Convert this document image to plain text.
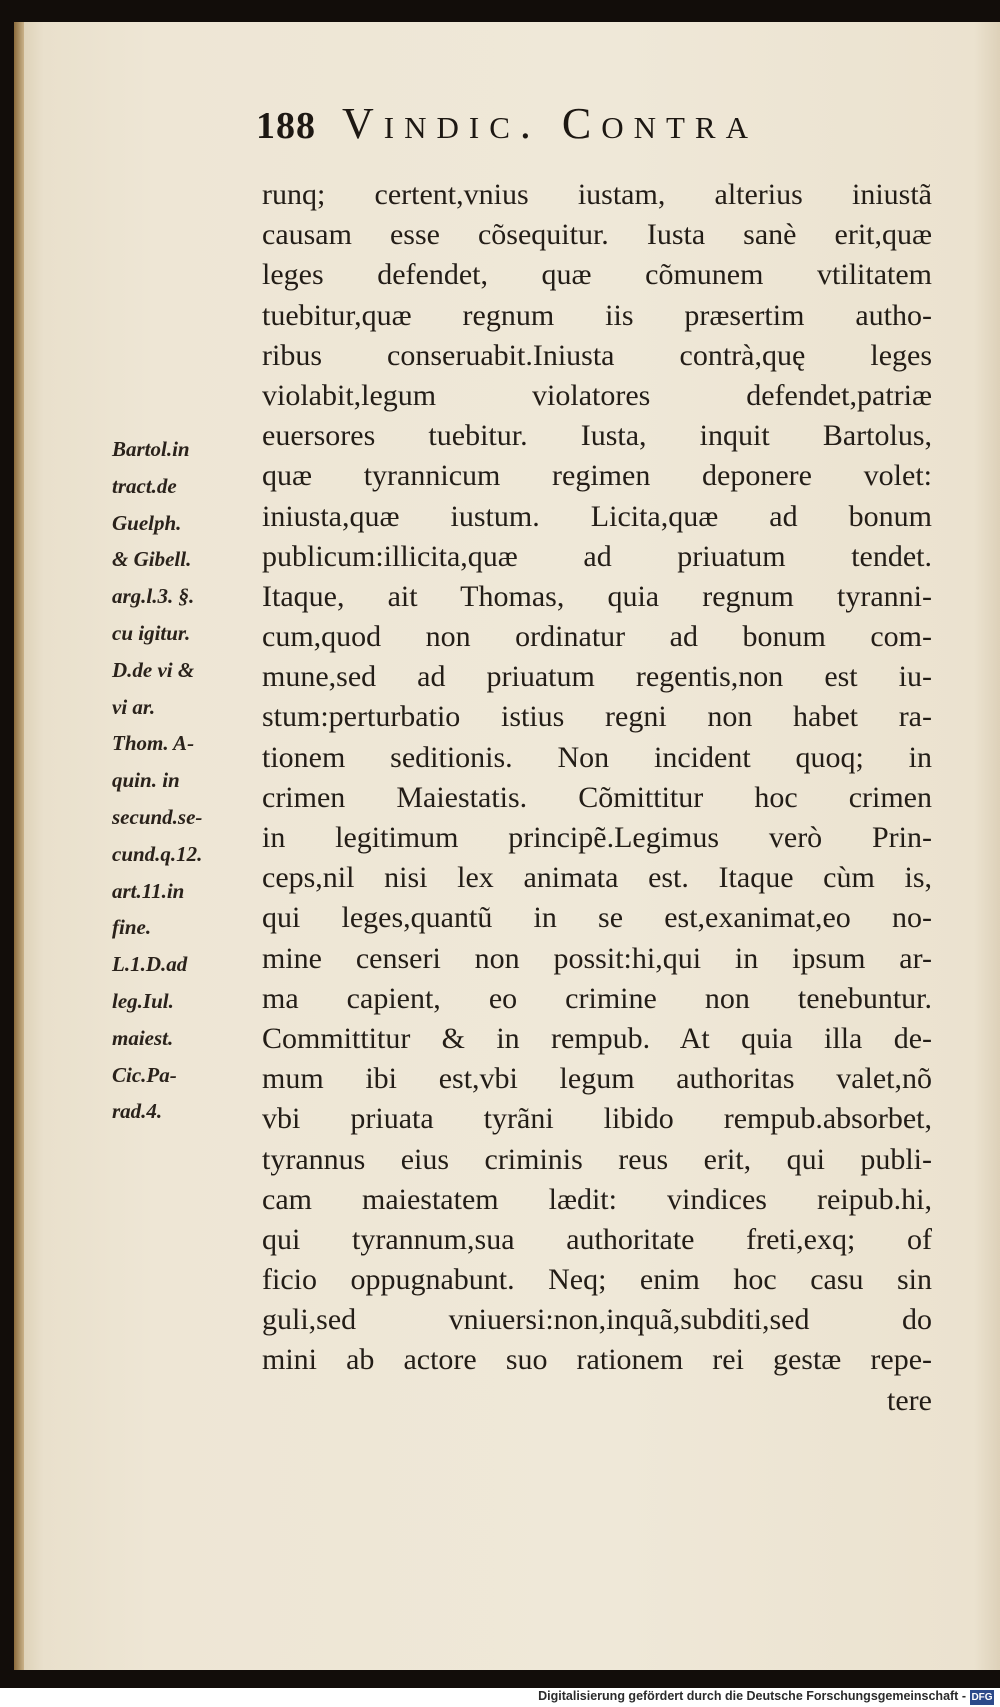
188 Vindic. Contra
Bartol.in
tract.de
Guelph.
& Gibell.
arg.l.3. §.
cu igitur.
D.de vi &
vi ar.
Thom. A-
quin. in
secund.se-
cund.q.12.
art.11.in
fine.
L.1.D.ad
leg.Iul.
maiest.
Cic.Pa-
rad.4.
runq; certent,vnius iustam, alterius iniustã
causam esse cõsequitur. Iusta sanè erit,quæ
leges defendet, quæ cõmunem vtilitatem
tuebitur,quæ regnum iis præsertim autho-
ribus conseruabit.Iniusta contrà,quę leges
violabit,legum violatores defendet,patriæ
euersores tuebitur. Iusta, inquit Bartolus,
quæ tyrannicum regimen deponere volet:
iniusta,quæ iustum. Licita,quæ ad bonum
publicum:illicita,quæ ad priuatum tendet.
Itaque, ait Thomas, quia regnum tyranni-
cum,quod non ordinatur ad bonum com-
mune,sed ad priuatum regentis,non est iu-
stum:perturbatio istius regni non habet ra-
tionem seditionis. Non incident quoq; in
crimen Maiestatis. Cõmittitur hoc crimen
in legitimum principẽ.Legimus verò Prin-
ceps,nil nisi lex animata est. Itaque cùm is,
qui leges,quantũ in se est,exanimat,eo no-
mine censeri non possit:hi,qui in ipsum ar-
ma capient, eo crimine non tenebuntur.
Committitur & in rempub. At quia illa de-
mum ibi est,vbi legum authoritas valet,nõ
vbi priuata tyrãni libido rempub.absorbet,
tyrannus eius criminis reus erit, qui publi-
cam maiestatem lædit: vindices reipub.hi,
qui tyrannum,sua authoritate freti,exq; of
ficio oppugnabunt. Neq; enim hoc casu sin
guli,sed vniuersi:non,inquã,subditi,sed do
mini ab actore suo rationem rei gestæ repe-
tere
Digitalisierung gefördert durch die Deutsche Forschungsgemeinschaft - DFG
